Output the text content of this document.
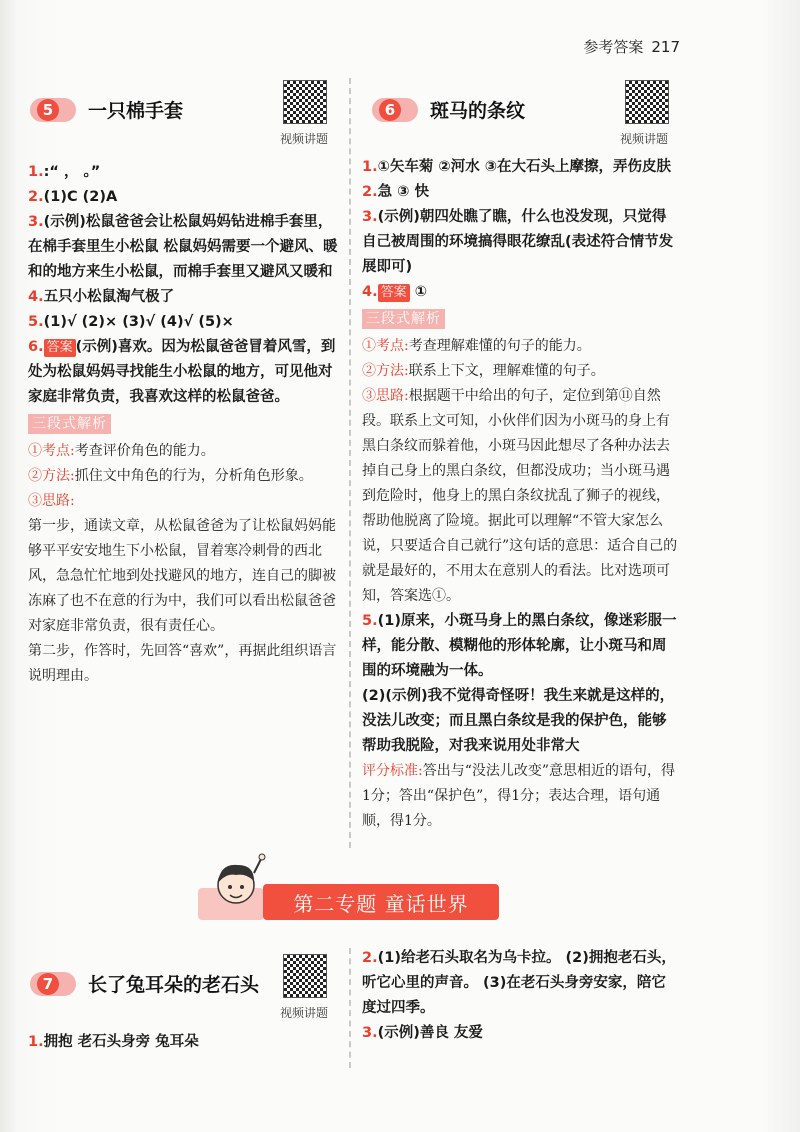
参考答案 217
5	一只棉手套
视频讲题
1.:“ ， 。”
2.(1)C (2)A
3.(示例)松鼠爸爸会让松鼠妈妈钻进棉手套里，在棉手套里生小松鼠 松鼠妈妈需要一个避风、暖和的地方来生小松鼠，而棉手套里又避风又暖和
4.五只小松鼠淘气极了
5.(1)√ (2)× (3)√ (4)√ (5)×
6. 答案 (示例)喜欢。因为松鼠爸爸冒着风雪，到处为松鼠妈妈寻找能生小松鼠的地方，可见他对家庭非常负责，我喜欢这样的松鼠爸爸。
三段式解析
①考点:考查评价角色的能力。
②方法:抓住文中角色的行为，分析角色形象。
③思路:
第一步，通读文章，从松鼠爸爸为了让松鼠妈妈能够平平安安地生下小松鼠，冒着寒冷刺骨的西北风，急急忙忙地到处找避风的地方，连自己的脚被冻麻了也不在意的行为中，我们可以看出松鼠爸爸对家庭非常负责，很有责任心。
第二步，作答时，先回答“喜欢”，再据此组织语言说明理由。
6	斑马的条纹
视频讲题
1.①矢车菊 ②河水 ③在大石头上摩擦，弄伤皮肤
2.急 ③ 快
3.(示例)朝四处瞧了瞧，什么也没发现，只觉得自己被周围的环境搞得眼花缭乱(表述符合情节发展即可)
4. 答案 ①
三段式解析
①考点:考查理解难懂的句子的能力。
②方法:联系上下文，理解难懂的句子。
③思路:根据题干中给出的句子，定位到第⑪自然段。联系上文可知，小伙伴们因为小斑马的身上有黑白条纹而躲着他，小斑马因此想尽了各种办法去掉自己身上的黑白条纹，但都没成功；当小斑马遇到危险时，他身上的黑白条纹扰乱了狮子的视线，帮助他脱离了险境。据此可以理解“不管大家怎么说，只要适合自己就行”这句话的意思：适合自己的就是最好的，不用太在意别人的看法。比对选项可知，答案选①。
5.(1)原来，小斑马身上的黑白条纹，像迷彩服一样，能分散、模糊他的形体轮廓，让小斑马和周围的环境融为一体。
(2)(示例)我不觉得奇怪呀！我生来就是这样的，没法儿改变；而且黑白条纹是我的保护色，能够帮助我脱险，对我来说用处非常大
评分标准:答出与“没法儿改变”意思相近的语句，得1分；答出“保护色”，得1分；表达合理，语句通顺，得1分。
第二专题 童话世界
7	长了兔耳朵的老石头
视频讲题
1.拥抱 老石头身旁 兔耳朵
2.(1)给老石头取名为乌卡拉。 (2)拥抱老石头，听它心里的声音。 (3)在老石头身旁安家，陪它度过四季。
3.(示例)善良 友爱
